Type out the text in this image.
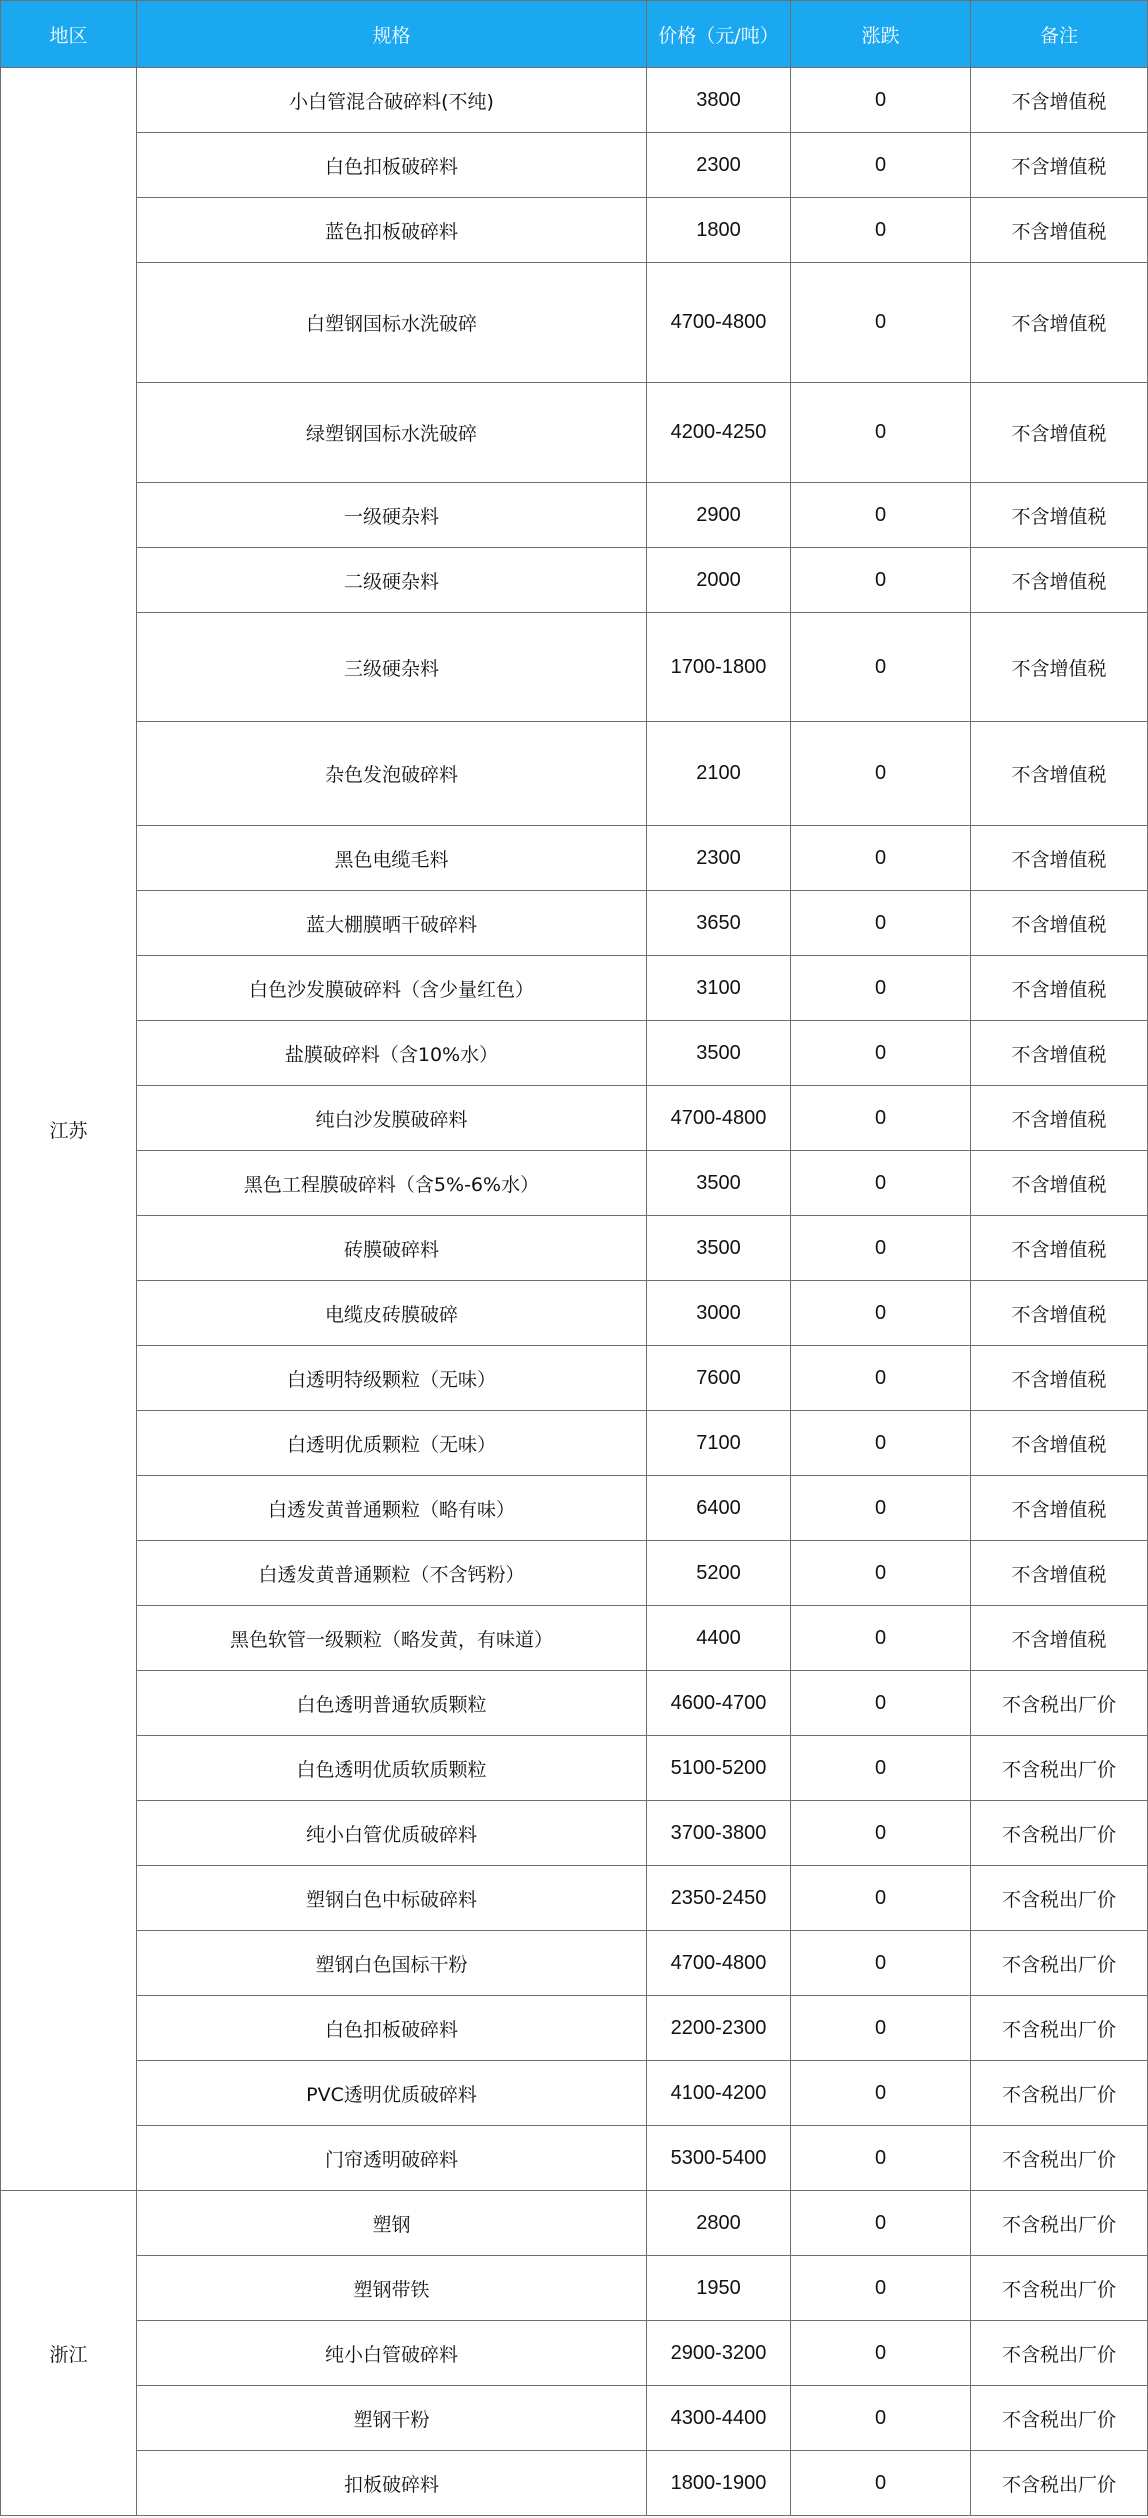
地区	规格	价格（元/吨）	涨跌	备注
江苏	小白管混合破碎料(不纯)	3800	0	不含增值税
	白色扣板破碎料	2300	0	不含增值税
	蓝色扣板破碎料	1800	0	不含增值税
	白塑钢国标水洗破碎	4700-4800	0	不含增值税
	绿塑钢国标水洗破碎	4200-4250	0	不含增值税
	一级硬杂料	2900	0	不含增值税
	二级硬杂料	2000	0	不含增值税
	三级硬杂料	1700-1800	0	不含增值税
	杂色发泡破碎料	2100	0	不含增值税
	黑色电缆毛料	2300	0	不含增值税
	蓝大棚膜晒干破碎料	3650	0	不含增值税
	白色沙发膜破碎料（含少量红色）	3100	0	不含增值税
	盐膜破碎料（含10%水）	3500	0	不含增值税
	纯白沙发膜破碎料	4700-4800	0	不含增值税
	黑色工程膜破碎料（含5%-6%水）	3500	0	不含增值税
	砖膜破碎料	3500	0	不含增值税
	电缆皮砖膜破碎	3000	0	不含增值税
	白透明特级颗粒（无味）	7600	0	不含增值税
	白透明优质颗粒（无味）	7100	0	不含增值税
	白透发黄普通颗粒（略有味）	6400	0	不含增值税
	白透发黄普通颗粒（不含钙粉）	5200	0	不含增值税
	黑色软管一级颗粒（略发黄，有味道）	4400	0	不含增值税
	白色透明普通软质颗粒	4600-4700	0	不含税出厂价
	白色透明优质软质颗粒	5100-5200	0	不含税出厂价
	纯小白管优质破碎料	3700-3800	0	不含税出厂价
	塑钢白色中标破碎料	2350-2450	0	不含税出厂价
	塑钢白色国标干粉	4700-4800	0	不含税出厂价
	白色扣板破碎料	2200-2300	0	不含税出厂价
	PVC透明优质破碎料	4100-4200	0	不含税出厂价
	门帘透明破碎料	5300-5400	0	不含税出厂价
浙江	塑钢	2800	0	不含税出厂价
	塑钢带铁	1950	0	不含税出厂价
	纯小白管破碎料	2900-3200	0	不含税出厂价
	塑钢干粉	4300-4400	0	不含税出厂价
	扣板破碎料	1800-1900	0	不含税出厂价
